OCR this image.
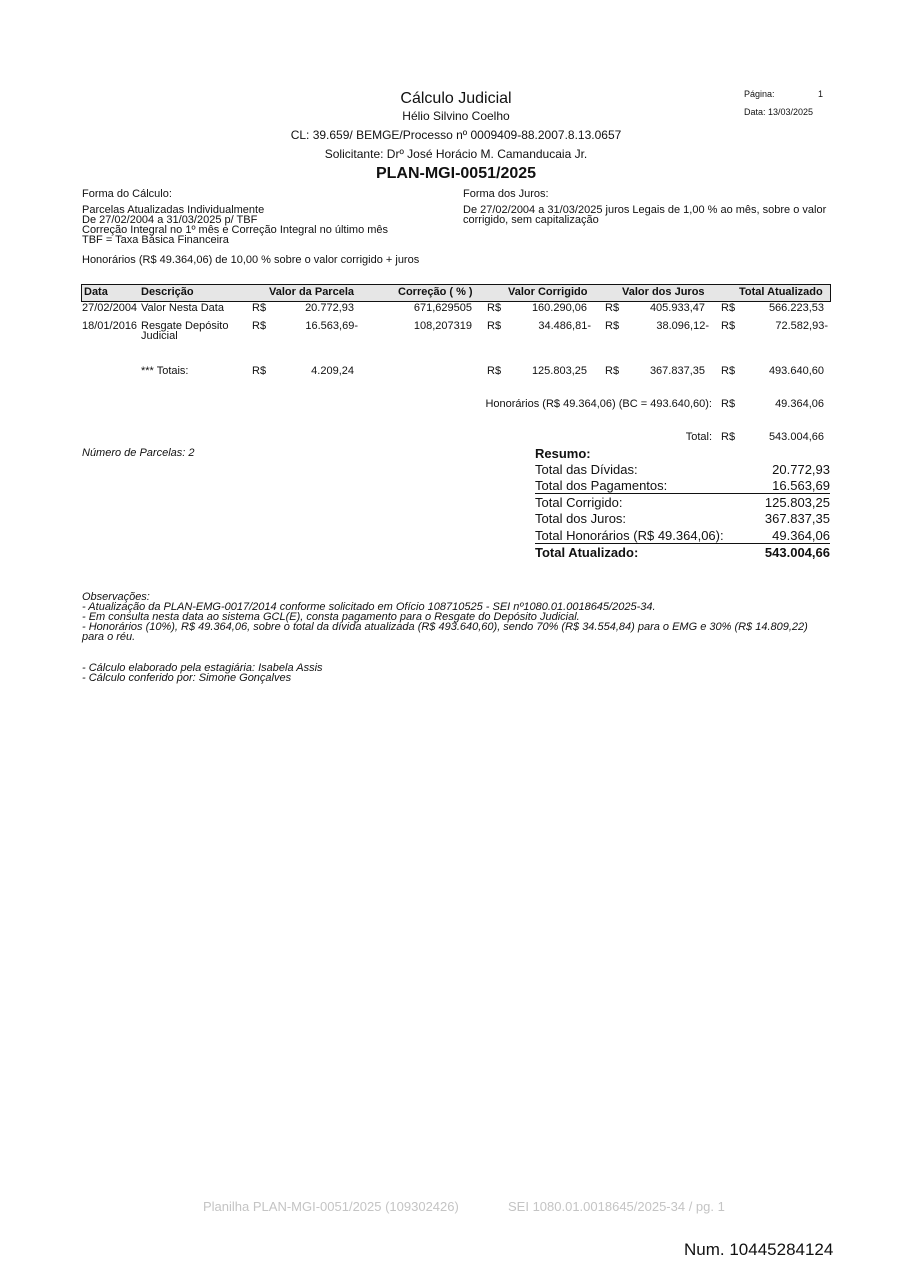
Cálculo Judicial
Hélio Silvino Coelho
CL: 39.659/ BEMGE/Processo nº 0009409-88.2007.8.13.0657
Solicitante: Drº José Horácio M. Camanducaia Jr.
PLAN-MGI-0051/2025
Página:	1
Data: 13/03/2025
Forma do Cálculo:
Parcelas Atualizadas Individualmente
De 27/02/2004 a 31/03/2025 p/ TBF
Correção Integral no 1º mês e Correção Integral no último mês
TBF = Taxa Básica Financeira
Forma dos Juros:
De 27/02/2004 a 31/03/2025 juros Legais de 1,00 % ao mês, sobre o valor
corrigido, sem capitalização
Honorários (R$ 49.364,06) de 10,00 % sobre o valor corrigido + juros
Data	Descrição	Valor da Parcela	Correção ( % )	Valor Corrigido	Valor dos Juros	Total Atualizado
27/02/2004 Valor Nesta Data	R$	20.772,93	671,629505 R$	160.290,06 R$	405.933,47 R$	566.223,53
18/01/2016 Resgate Depósito
Judicial
R$	16.563,69-	108,207319 R$	34.486,81- R$	38.096,12- R$	72.582,93-
*** Totais:	R$	4.209,24	R$	125.803,25 R$	367.837,35 R$	493.640,60
Honorários (R$ 49.364,06) (BC = 493.640,60): R$	49.364,06
Total: R$	543.004,66
Número de Parcelas: 2	Resumo:
Total das Dívidas:	20.772,93
Total dos Pagamentos:	16.563,69
Total Corrigido:	125.803,25
Total dos Juros:	367.837,35
Total Honorários (R$ 49.364,06):	49.364,06
Total Atualizado:	543.004,66
Observações:
- Atualização da PLAN-EMG-0017/2014 conforme solicitado em Ofício 108710525 - SEI nº1080.01.0018645/2025-34.
- Em consulta nesta data ao sistema GCL(E), consta pagamento para o Resgate do Depósito Judicial.
- Honorários (10%), R$ 49.364,06, sobre o total da dívida atualizada (R$ 493.640,60), sendo 70% (R$ 34.554,84) para o EMG e 30% (R$ 14.809,22)
para o réu.
- Cálculo elaborado pela estagiária: Isabela Assis
- Cálculo conferido por: Simone Gonçalves
Planilha PLAN-MGI-0051/2025 (109302426)	SEI 1080.01.0018645/2025-34 / pg. 1
Num. 10445284124
